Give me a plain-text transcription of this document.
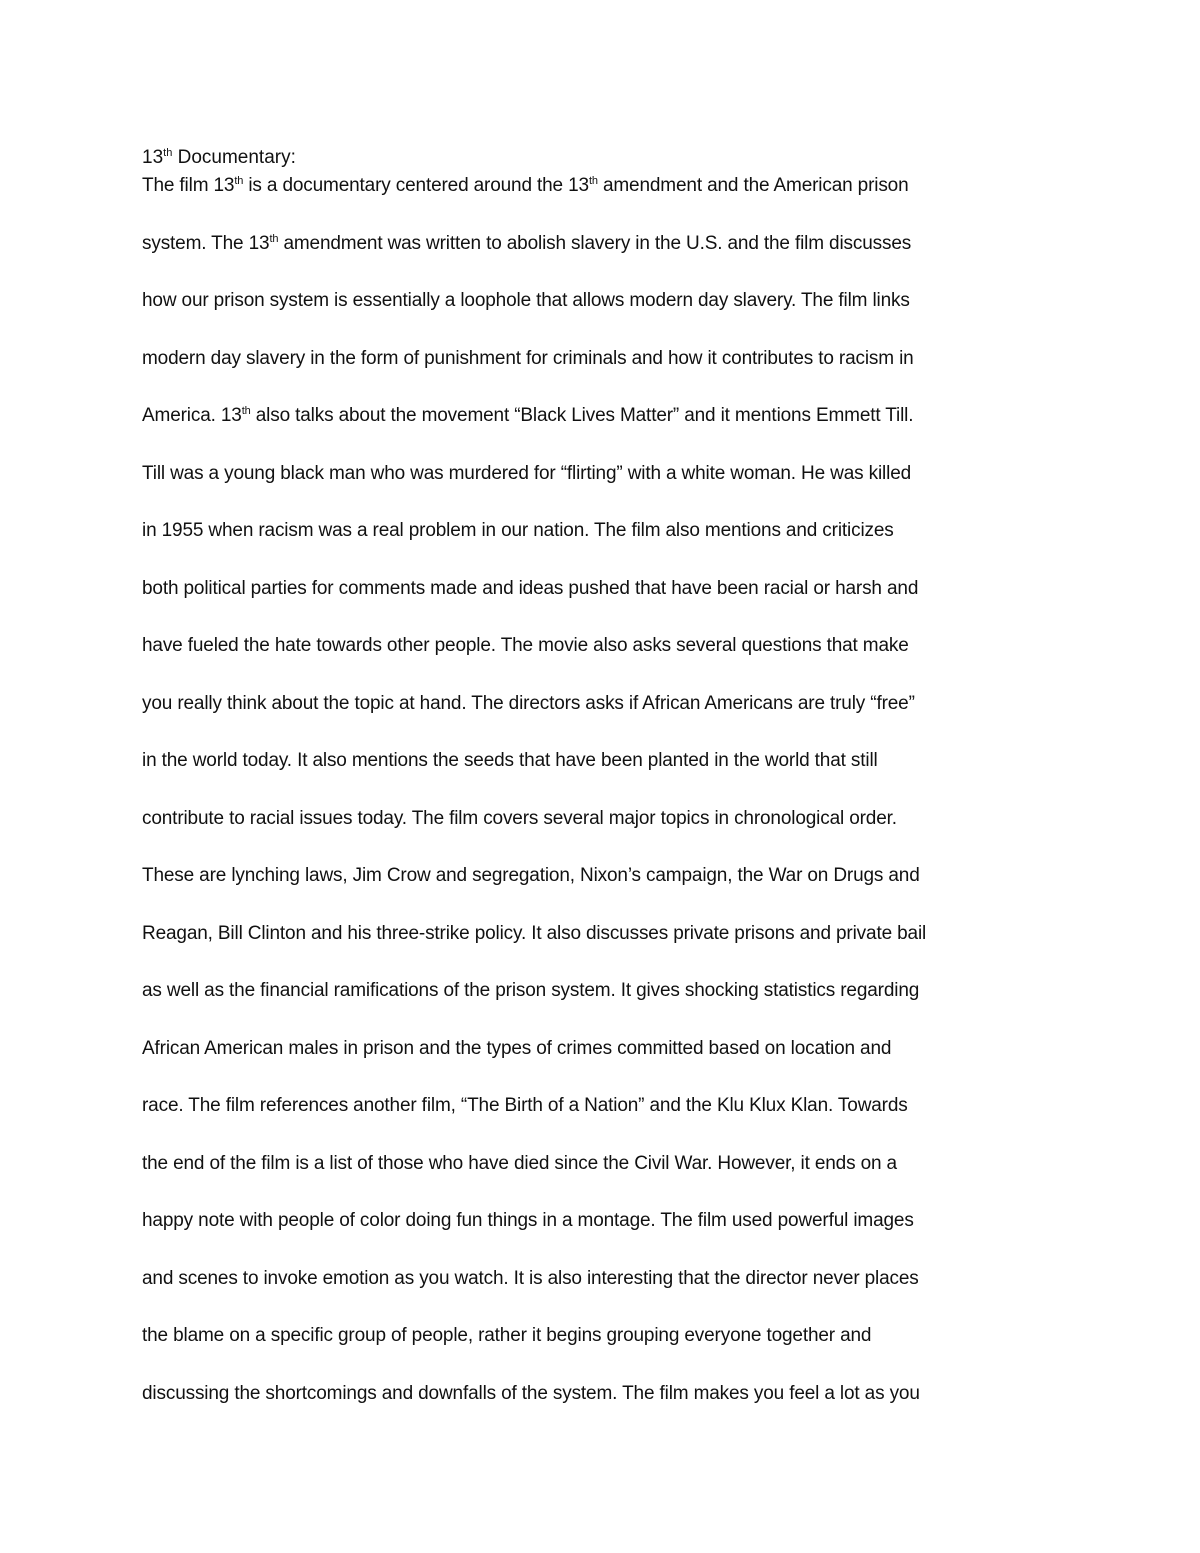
13th Documentary:
The film 13th is a documentary centered around the 13th amendment and the American prison
system. The 13th amendment was written to abolish slavery in the U.S. and the film discusses
how our prison system is essentially a loophole that allows modern day slavery. The film links
modern day slavery in the form of punishment for criminals and how it contributes to racism in
America. 13th also talks about the movement “Black Lives Matter” and it mentions Emmett Till.
Till was a young black man who was murdered for “flirting” with a white woman. He was killed
in 1955 when racism was a real problem in our nation. The film also mentions and criticizes
both political parties for comments made and ideas pushed that have been racial or harsh and
have fueled the hate towards other people. The movie also asks several questions that make
you really think about the topic at hand. The directors asks if African Americans are truly “free”
in the world today. It also mentions the seeds that have been planted in the world that still
contribute to racial issues today. The film covers several major topics in chronological order.
These are lynching laws, Jim Crow and segregation, Nixon’s campaign, the War on Drugs and
Reagan, Bill Clinton and his three-strike policy. It also discusses private prisons and private bail
as well as the financial ramifications of the prison system. It gives shocking statistics regarding
African American males in prison and the types of crimes committed based on location and
race. The film references another film, “The Birth of a Nation” and the Klu Klux Klan. Towards
the end of the film is a list of those who have died since the Civil War. However, it ends on a
happy note with people of color doing fun things in a montage. The film used powerful images
and scenes to invoke emotion as you watch. It is also interesting that the director never places
the blame on a specific group of people, rather it begins grouping everyone together and
discussing the shortcomings and downfalls of the system. The film makes you feel a lot as you
